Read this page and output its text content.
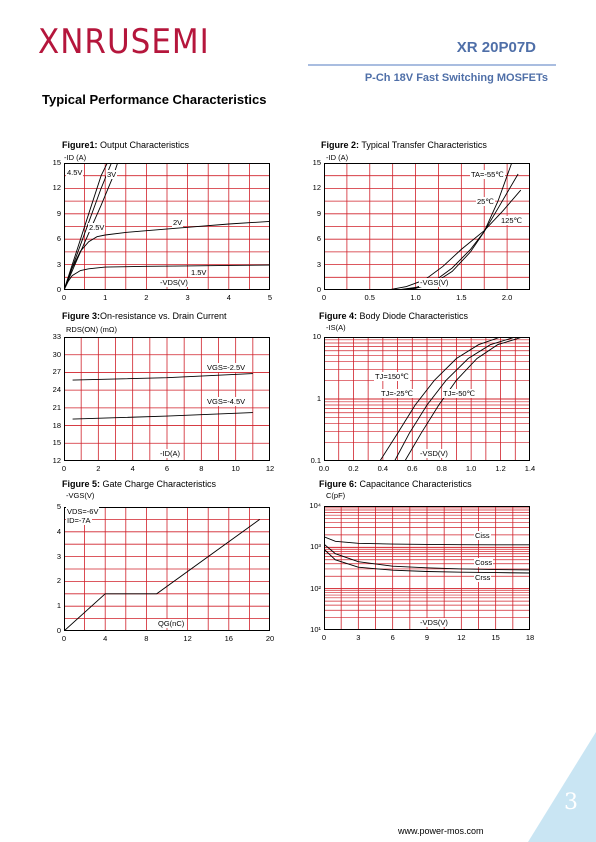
XNRUSEMI	XR 20P07D
P-Ch 18V Fast Switching MOSFETs
Typical Performance Characteristics
Figure1: Output Characteristics
-ID (A)
0	1	2	3	4	5
0
3
6
9
12
15
-VDS(V)
4.5V	3V
2.5V
2V
1.5V
Figure 2: Typical Transfer Characteristics
-ID (A)
0	0.5	1.0	1.5	2.0
0
3
6
9
12
15
-VGS(V)
TA=-55℃
25℃
125℃
Figure 3:On-resistance vs. Drain Current
RDS(ON) (mΩ)
0	2	4	6	8	10	12
12
15
18
21
24
27
30
33
-ID(A)
VGS=-2.5V
VGS=-4.5V
Figure 4: Body Diode Characteristics
-IS(A)
0.0	0.2	0.4	0.6	0.8	1.0	1.2	1.4
0.1
1
10
-VSD(V)
TJ=150℃
TJ=-25℃	TJ=-50℃
Figure 5: Gate Charge Characteristics
-VGS(V)
0	4	8	12	16	20
0
1
2
3
4
5
QG(nC)
VDS=-6V
ID=-7A
Figure 6: Capacitance Characteristics
C(pF)
0	3	6	9	12	15	18
10¹
10²
10³
10⁴
-VDS(V)
Ciss
Coss
Crss
3
www.power-mos.com
